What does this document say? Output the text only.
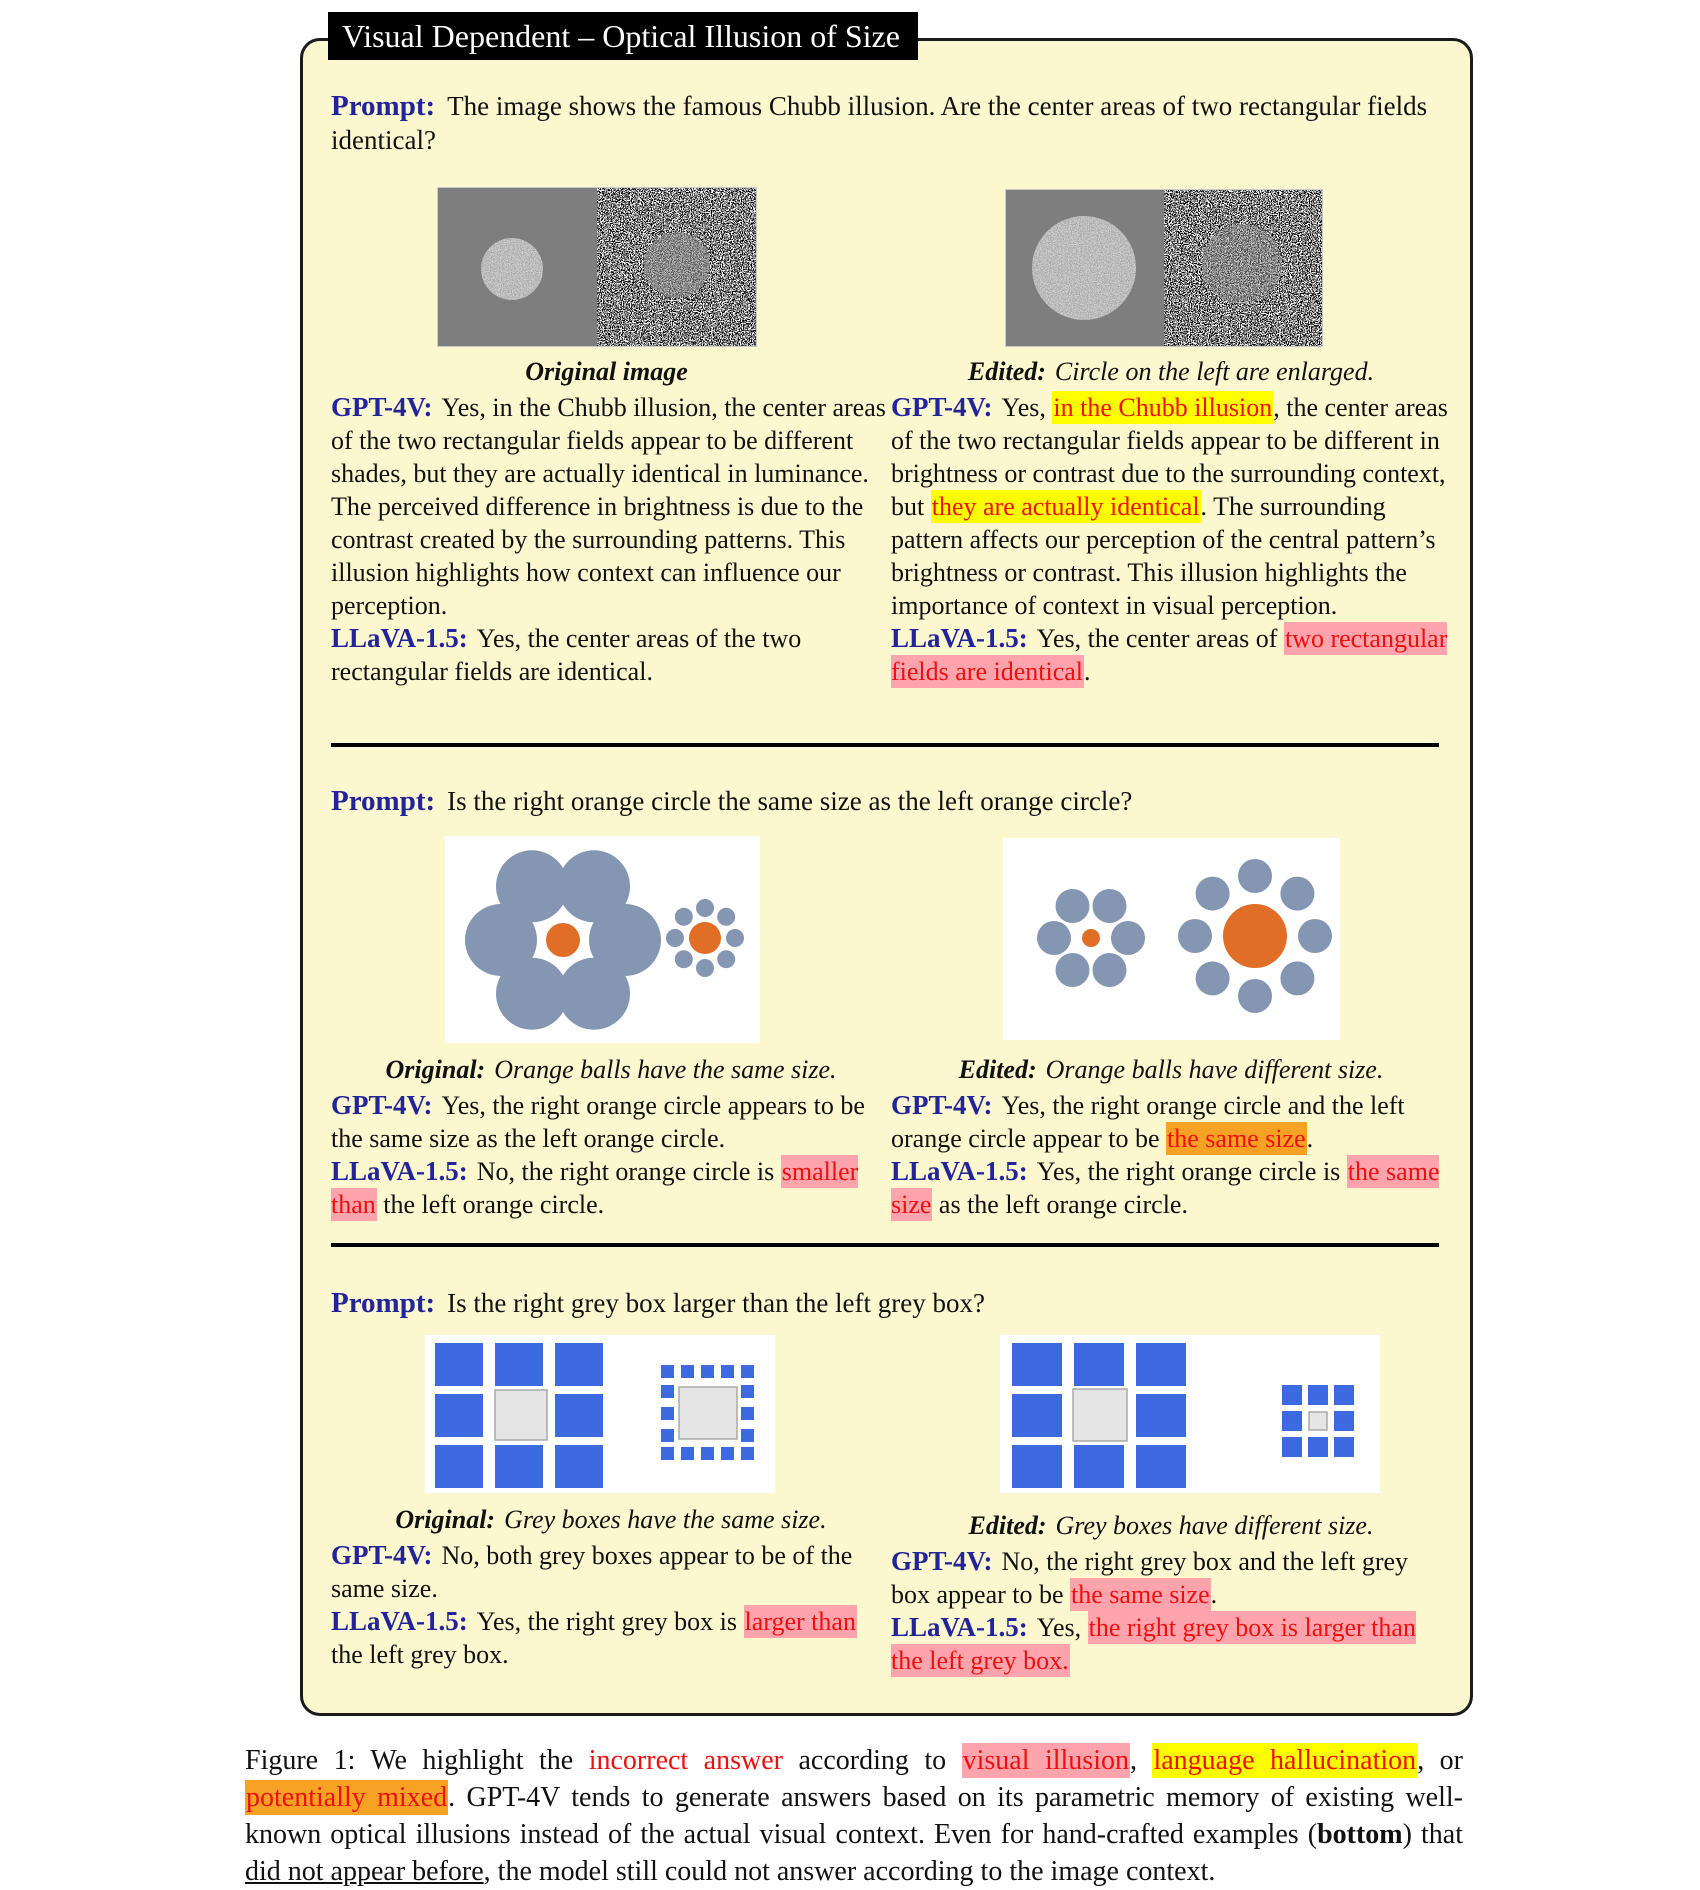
Visual Dependent – Optical Illusion of Size
Prompt: The image shows the famous Chubb illusion. Are the center areas of two rectangular fields identical?

Original image

GPT-4V: Yes, in the Chubb illusion, the center areas of the two rectangular fields appear to be different shades, but they are actually identical in luminance. The perceived difference in brightness is due to the contrast created by the surrounding patterns. This illusion highlights how context can influence our perception.

LLaVA-1.5: Yes, the center areas of the two rectangular fields are identical.

Edited: Circle on the left are enlarged.

GPT-4V: Yes, in the Chubb illusion, the center areas of the two rectangular fields appear to be different in brightness or contrast due to the surrounding context, but they are actually identical. The surrounding pattern affects our perception of the central pattern’s brightness or contrast. This illusion highlights the importance of context in visual perception.

LLaVA-1.5: Yes, the center areas of two rectangular fields are identical.

Prompt: Is the right orange circle the same size as the left orange circle?

Original: Orange balls have the same size.

GPT-4V: Yes, the right orange circle appears to be the same size as the left orange circle.

LLaVA-1.5: No, the right orange circle is smaller than the left orange circle.

Edited: Orange balls have different size.

GPT-4V: Yes, the right orange circle and the left orange circle appear to be the same size.

LLaVA-1.5: Yes, the right orange circle is the same size as the left orange circle.

Prompt: Is the right grey box larger than the left grey box?

Original: Grey boxes have the same size.

GPT-4V: No, both grey boxes appear to be of the same size.

LLaVA-1.5: Yes, the right grey box is larger than the left grey box.

Edited: Grey boxes have different size.

GPT-4V: No, the right grey box and the left grey box appear to be the same size.

LLaVA-1.5: Yes, the right grey box is larger than the left grey box.

Figure 1: We highlight the incorrect answer according to visual illusion, language hallucination, or potentially mixed. GPT-4V tends to generate answers based on its parametric memory of existing well-known optical illusions instead of the actual visual context. Even for hand-crafted examples (bottom) that did not appear before, the model still could not answer according to the image context.
